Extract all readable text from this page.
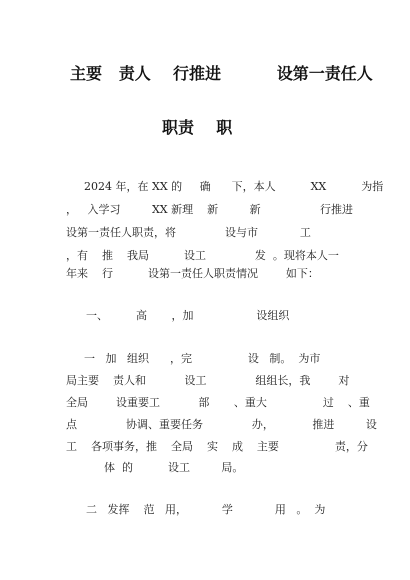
主要   责人    行推进          设第一责任人
职责    职
2024 年，在 XX 的     确      下，本人          XX          为指
，   入学习         XX 新理    新         新                 行推进
设第一责任人职责，将              设与市            工
，有    推    我局          设工              发  。现将本人一
年来    行          设第一责任人职责情况        如下：
一、        高       ，加                  设组织
一   加   组织      ，完                设   制。  为市
局主要    责人和           设工              组组长，我        对
全局        设重要工           部       、重大                过    、重
点              协调、重要任务              办，           推进         设
工    各项事务，推    全局    实    成    主要                责，分
体  的          设工         局。
二   发挥    范   用，          学            用   。  为
